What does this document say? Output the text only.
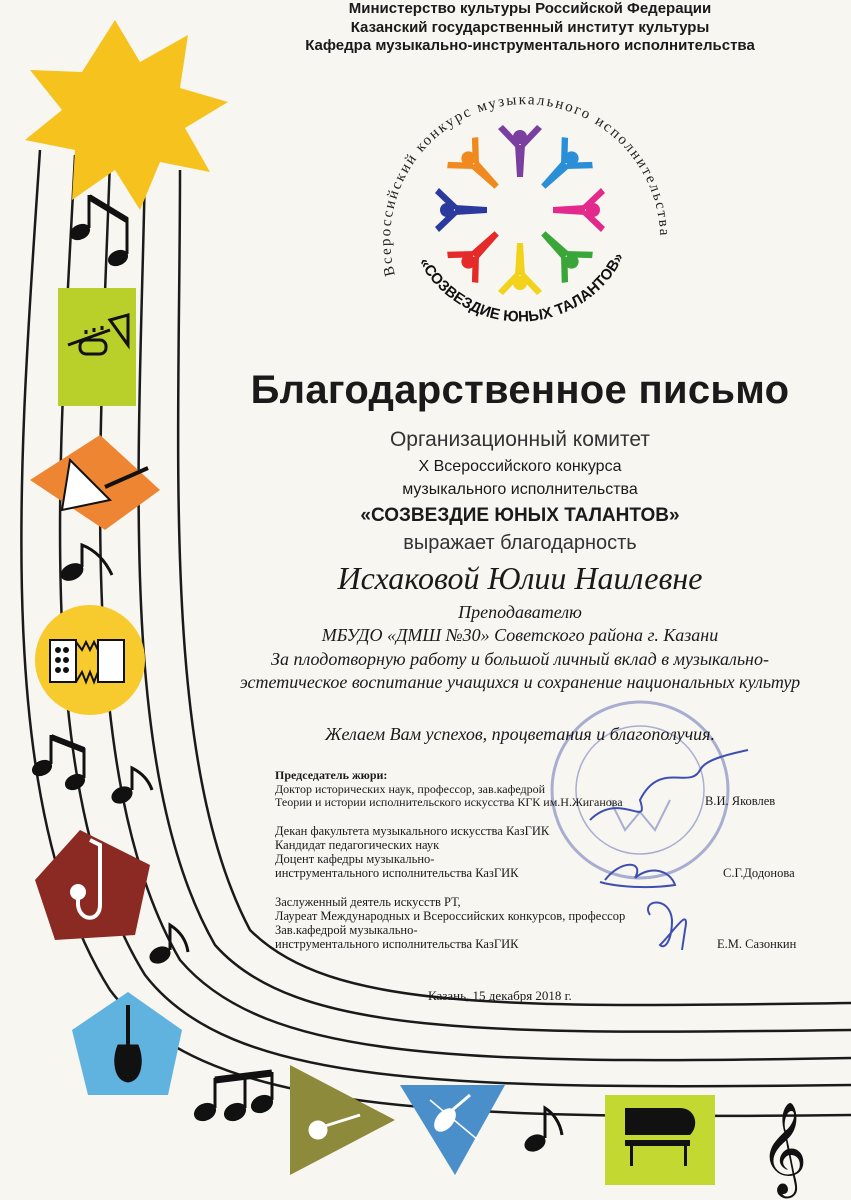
𝄞
Всероссийский конкурс музыкального исполнительства
Министерство культуры Российской Федерации
Казанский государственный институт культуры
Кафедра музыкально-инструментального исполнительства
«СОЗВЕЗДИЕ ЮНЫХ ТАЛАНТОВ»
Благодарственное письмо
Организационный комитет
X Всероссийского конкурса
музыкального исполнительства
«СОЗВЕЗДИЕ ЮНЫХ ТАЛАНТОВ»
выражает благодарность
Исхаковой Юлии Наилевне
Преподавателю
МБУДО «ДМШ №30» Советского района г. Казани
За плодотворную работу и большой личный вклад в музыкально-эстетическое воспитание учащихся и сохранение национальных культур
Желаем Вам успехов, процветания и благополучия.
Председатель жюри:
Доктор исторических наук, профессор, зав.кафедрой
Теории и истории исполнительского искусства КГК им.Н.Жиганова	В.И. Яковлев
Декан факультета музыкального искусства КазГИК
Кандидат педагогических наук
Доцент кафедры музыкально-
инструментального исполнительства КазГИК	С.Г.Додонова
Заслуженный деятель искусств РТ,
Лауреат Международных и Всероссийских конкурсов, профессор
Зав.кафедрой музыкально-
инструментального исполнительства КазГИК	Е.М. Сазонкин
Казань, 15 декабря 2018 г.
